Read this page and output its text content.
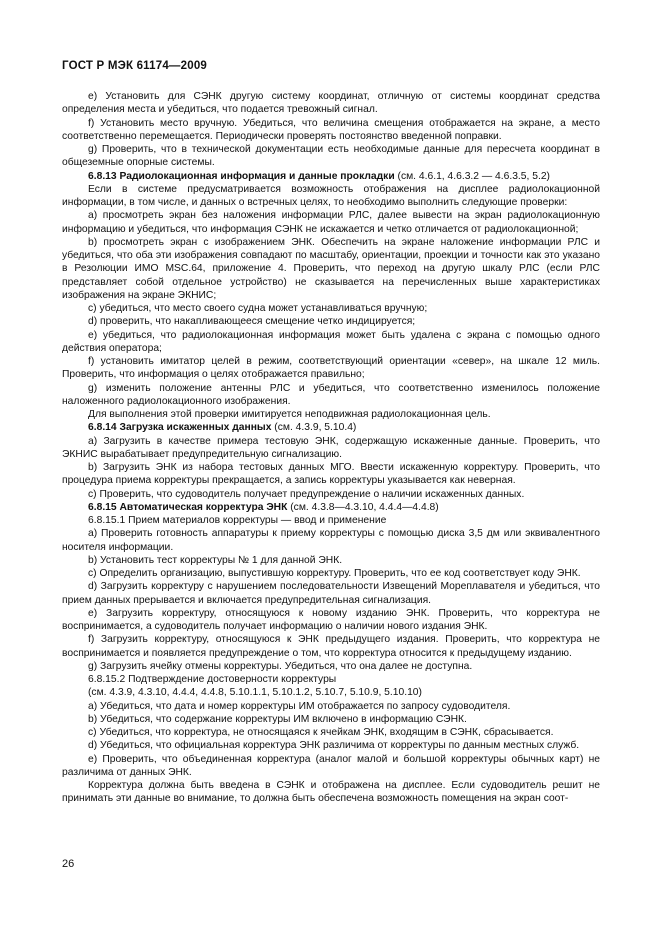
ГОСТ Р МЭК 61174—2009

е) Установить для СЭНК другую систему координат, отличную от системы координат средства определения места и убедиться, что подается тревожный сигнал.

f) Установить место вручную. Убедиться, что величина смещения отображается на экране, а место соответственно перемещается. Периодически проверять постоянство введенной поправки.

g) Проверить, что в технической документации есть необходимые данные для пересчета координат в общеземные опорные системы.

6.8.13 Радиолокационная информация и данные прокладки (см. 4.6.1, 4.6.3.2 — 4.6.3.5, 5.2)

Если в системе предусматривается возможность отображения на дисплее радиолокационной информации, в том числе, и данных о встречных целях, то необходимо выполнить следующие проверки:

а) просмотреть экран без наложения информации РЛС, далее вывести на экран радиолокационную информацию и убедиться, что информация СЭНК не искажается и четко отличается от радиолокационной;

b) просмотреть экран с изображением ЭНК. Обеспечить на экране наложение информации РЛС и убедиться, что оба эти изображения совпадают по масштабу, ориентации, проекции и точности как это указано в Резолюции ИМО MSC.64, приложение 4. Проверить, что переход на другую шкалу РЛС (если РЛС представляет собой отдельное устройство) не сказывается на перечисленных выше характеристиках изображения на экране ЭКНИС;

c) убедиться, что место своего судна может устанавливаться вручную;

d) проверить, что накапливающееся смещение четко индицируется;

e) убедиться, что радиолокационная информация может быть удалена с экрана с помощью одного действия оператора;

f) установить имитатор целей в режим, соответствующий ориентации «север», на шкале 12 миль. Проверить, что информация о целях отображается правильно;

g) изменить положение антенны РЛС и убедиться, что соответственно изменилось положение наложенного радиолокационного изображения.

Для выполнения этой проверки имитируется неподвижная радиолокационная цель.

6.8.14 Загрузка искаженных данных (см. 4.3.9, 5.10.4)

a) Загрузить в качестве примера тестовую ЭНК, содержащую искаженные данные. Проверить, что ЭКНИС вырабатывает предупредительную сигнализацию.

b) Загрузить ЭНК из набора тестовых данных МГО. Ввести искаженную корректуру. Проверить, что процедура приема корректуры прекращается, а запись корректуры указывается как неверная.

с) Проверить, что судоводитель получает предупреждение о наличии искаженных данных.

6.8.15 Автоматическая корректура ЭНК (см. 4.3.8—4.3.10, 4.4.4—4.4.8)

6.8.15.1 Прием материалов корректуры — ввод и применение

а) Проверить готовность аппаратуры к приему корректуры с помощью диска 3,5 дм или эквивалентного носителя информации.

b) Установить тест корректуры № 1 для данной ЭНК.

c) Определить организацию, выпустившую корректуру. Проверить, что ее код соответствует коду ЭНК.

d) Загрузить корректуру с нарушением последовательности Извещений Мореплавателя и убедиться, что прием данных прерывается и включается предупредительная сигнализация.

е) Загрузить корректуру, относящуюся к новому изданию ЭНК. Проверить, что корректура не воспринимается, а судоводитель получает информацию о наличии нового издания ЭНК.

f) Загрузить корректуру, относящуюся к ЭНК предыдущего издания. Проверить, что корректура не воспринимается и появляется предупреждение о том, что корректура относится к предыдущему изданию.

g) Загрузить ячейку отмены корректуры. Убедиться, что она далее не доступна.

6.8.15.2 Подтверждение достоверности корректуры

(см. 4.3.9, 4.3.10, 4.4.4, 4.4.8, 5.10.1.1, 5.10.1.2, 5.10.7, 5.10.9, 5.10.10)

а) Убедиться, что дата и номер корректуры ИМ отображается по запросу судоводителя.

b) Убедиться, что содержание корректуры ИМ включено в информацию СЭНК.

c) Убедиться, что корректура, не относящаяся к ячейкам ЭНК, входящим в СЭНК, сбрасывается.

d) Убедиться, что официальная корректура ЭНК различима от корректуры по данным местных служб.

e) Проверить, что объединенная корректура (аналог малой и большой корректуры обычных карт) не различима от данных ЭНК.

Корректура должна быть введена в СЭНК и отображена на дисплее. Если судоводитель решит не принимать эти данные во внимание, то должна быть обеспечена возможность помещения на экран соот-

26
